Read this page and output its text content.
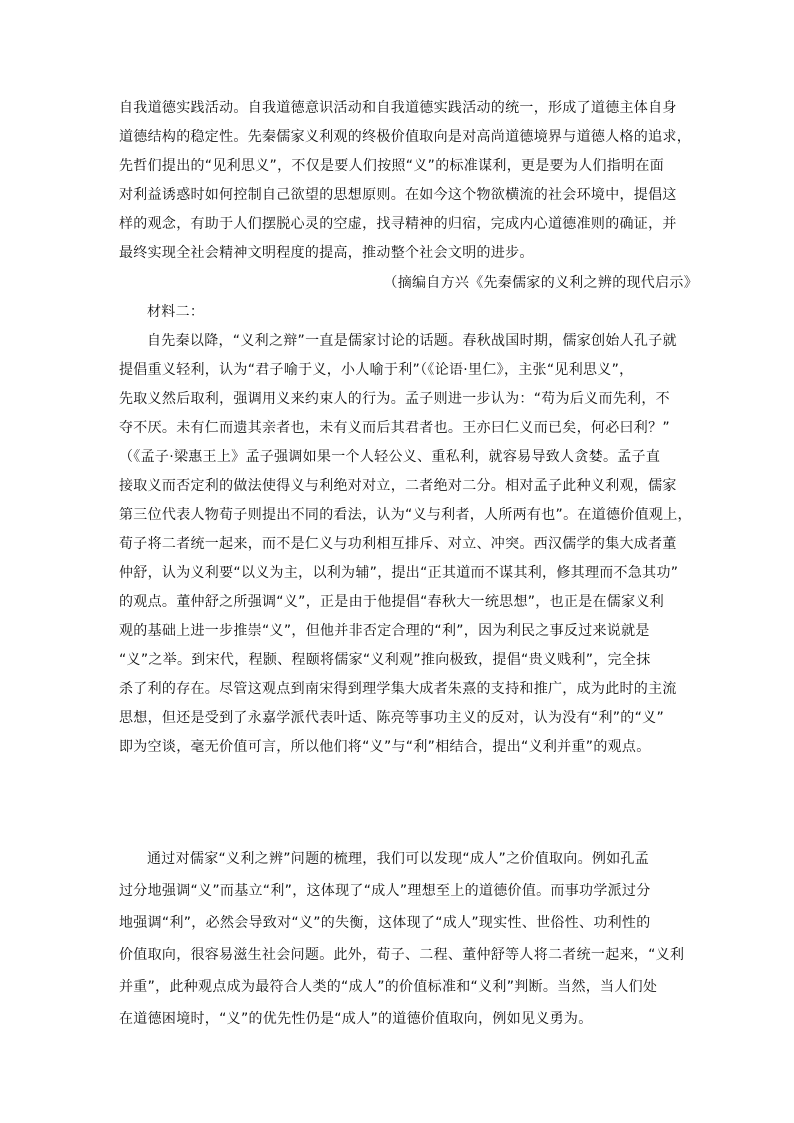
自我道德实践活动。自我道德意识活动和自我道德实践活动的统一，形成了道德主体自身
道德结构的稳定性。先秦儒家义利观的终极价值取向是对高尚道德境界与道德人格的追求，
先哲们提出的“见利思义”，不仅是要人们按照“义”的标准谋利，更是要为人们指明在面
对利益诱惑时如何控制自己欲望的思想原则。在如今这个物欲横流的社会环境中，提倡这
样的观念，有助于人们摆脱心灵的空虚，找寻精神的归宿，完成内心道德准则的确证，并
最终实现全社会精神文明程度的提高，推动整个社会文明的进步。
（摘编自方兴《先秦儒家的义利之辨的现代启示》
材料二：
自先秦以降，“义利之辩”一直是儒家讨论的话题。春秋战国时期，儒家创始人孔子就
提倡重义轻利，认为“君子喻于义，小人喻于利”（《论语·里仁》，主张“见利思义”，
先取义然后取利，强调用义来约束人的行为。孟子则进一步认为：“苟为后义而先利，不
夺不厌。未有仁而遗其亲者也，未有义而后其君者也。王亦曰仁义而已矣，何必曰利？”
（《孟子·梁惠王上》孟子强调如果一个人轻公义、重私利，就容易导致人贪婪。孟子直
接取义而否定利的做法使得义与利绝对对立，二者绝对二分。相对孟子此种义利观，儒家
第三位代表人物荀子则提出不同的看法，认为“义与利者，人所两有也”。在道德价值观上，
荀子将二者统一起来，而不是仁义与功利相互排斥、对立、冲突。西汉儒学的集大成者董
仲舒，认为义利要“以义为主，以利为辅”，提出“正其道而不谋其利，修其理而不急其功”
的观点。董仲舒之所强调“义”，正是由于他提倡“春秋大一统思想”，也正是在儒家义利
观的基础上进一步推崇“义”，但他并非否定合理的“利”，因为利民之事反过来说就是
“义”之举。到宋代，程颢、程颐将儒家“义利观”推向极致，提倡“贵义贱利”，完全抹
杀了利的存在。尽管这观点到南宋得到理学集大成者朱熹的支持和推广，成为此时的主流
思想，但还是受到了永嘉学派代表叶适、陈亮等事功主义的反对，认为没有“利”的“义”
即为空谈，毫无价值可言，所以他们将“义”与“利”相结合，提出“义利并重”的观点。
通过对儒家“义利之辨”问题的梳理，我们可以发现“成人”之价值取向。例如孔孟
过分地强调“义”而基立“利”，这体现了“成人”理想至上的道德价值。而事功学派过分
地强调“利”，必然会导致对“义”的失衡，这体现了“成人”现实性、世俗性、功利性的
价值取向，很容易滋生社会问题。此外，荀子、二程、董仲舒等人将二者统一起来，“义利
并重”，此种观点成为最符合人类的“成人”的价值标准和“义利”判断。当然，当人们处
在道德困境时，“义”的优先性仍是“成人”的道德价值取向，例如见义勇为。
